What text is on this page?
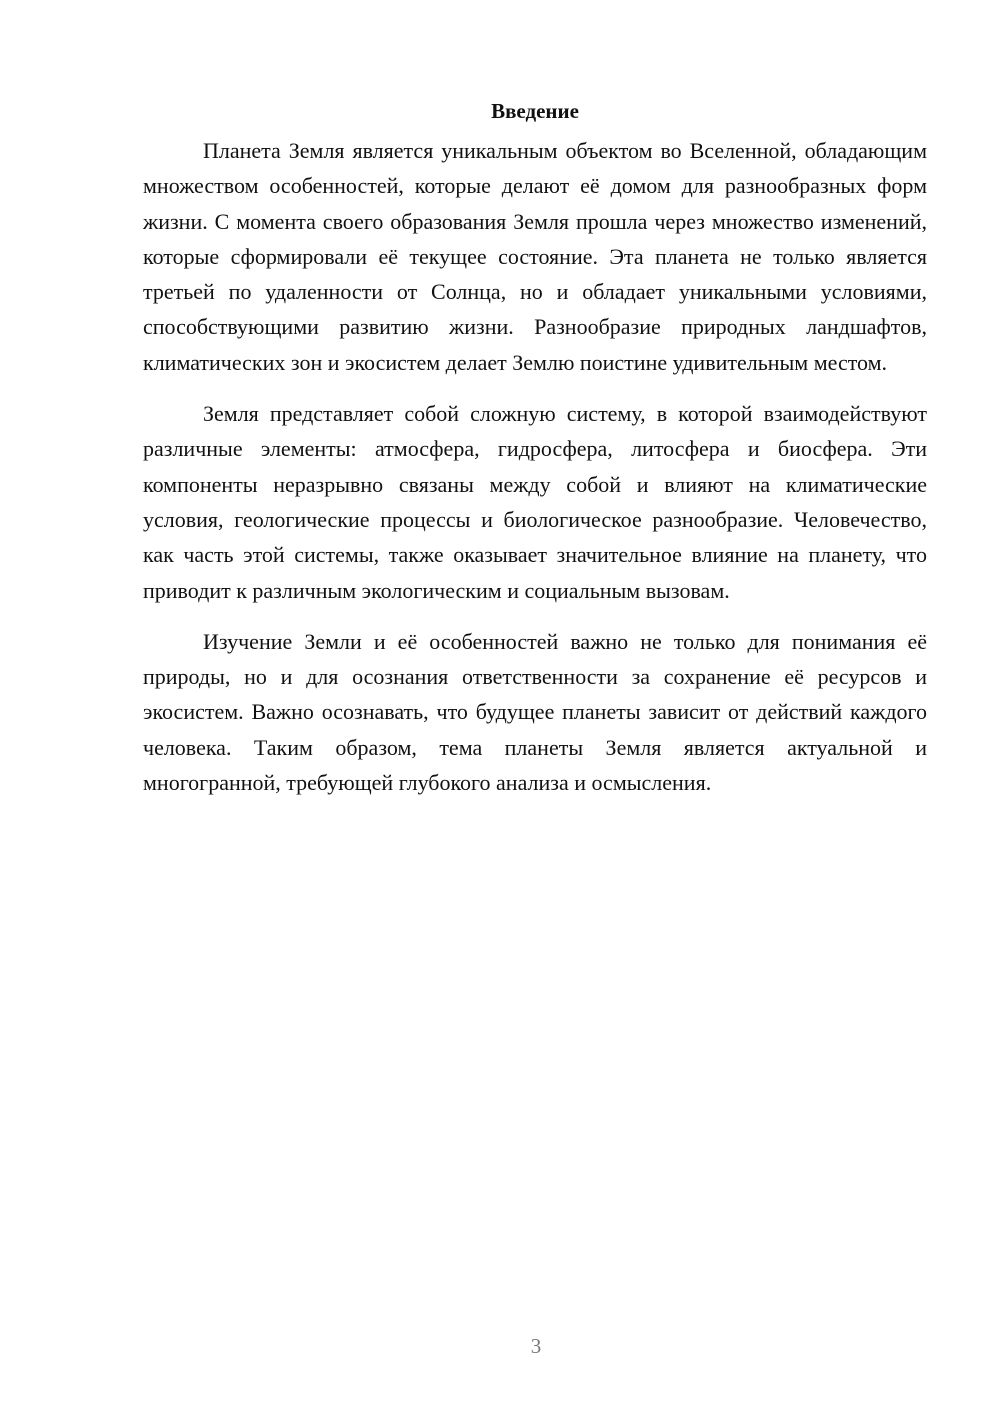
Введение

Планета Земля является уникальным объектом во Вселенной, обладающим множеством особенностей, которые делают её домом для разнообразных форм жизни. С момента своего образования Земля прошла через множество изменений, которые сформировали её текущее состояние. Эта планета не только является третьей по удаленности от Солнца, но и обладает уникальными условиями, способствующими развитию жизни. Разнообразие природных ландшафтов, климатических зон и экосистем делает Землю поистине удивительным местом.

Земля представляет собой сложную систему, в которой взаимодействуют различные элементы: атмосфера, гидросфера, литосфера и биосфера. Эти компоненты неразрывно связаны между собой и влияют на климатические условия, геологические процессы и биологическое разнообразие. Человечество, как часть этой системы, также оказывает значительное влияние на планету, что приводит к различным экологическим и социальным вызовам.

Изучение Земли и её особенностей важно не только для понимания её природы, но и для осознания ответственности за сохранение её ресурсов и экосистем. Важно осознавать, что будущее планеты зависит от действий каждого человека. Таким образом, тема планеты Земля является актуальной и многогранной, требующей глубокого анализа и осмысления.

3
